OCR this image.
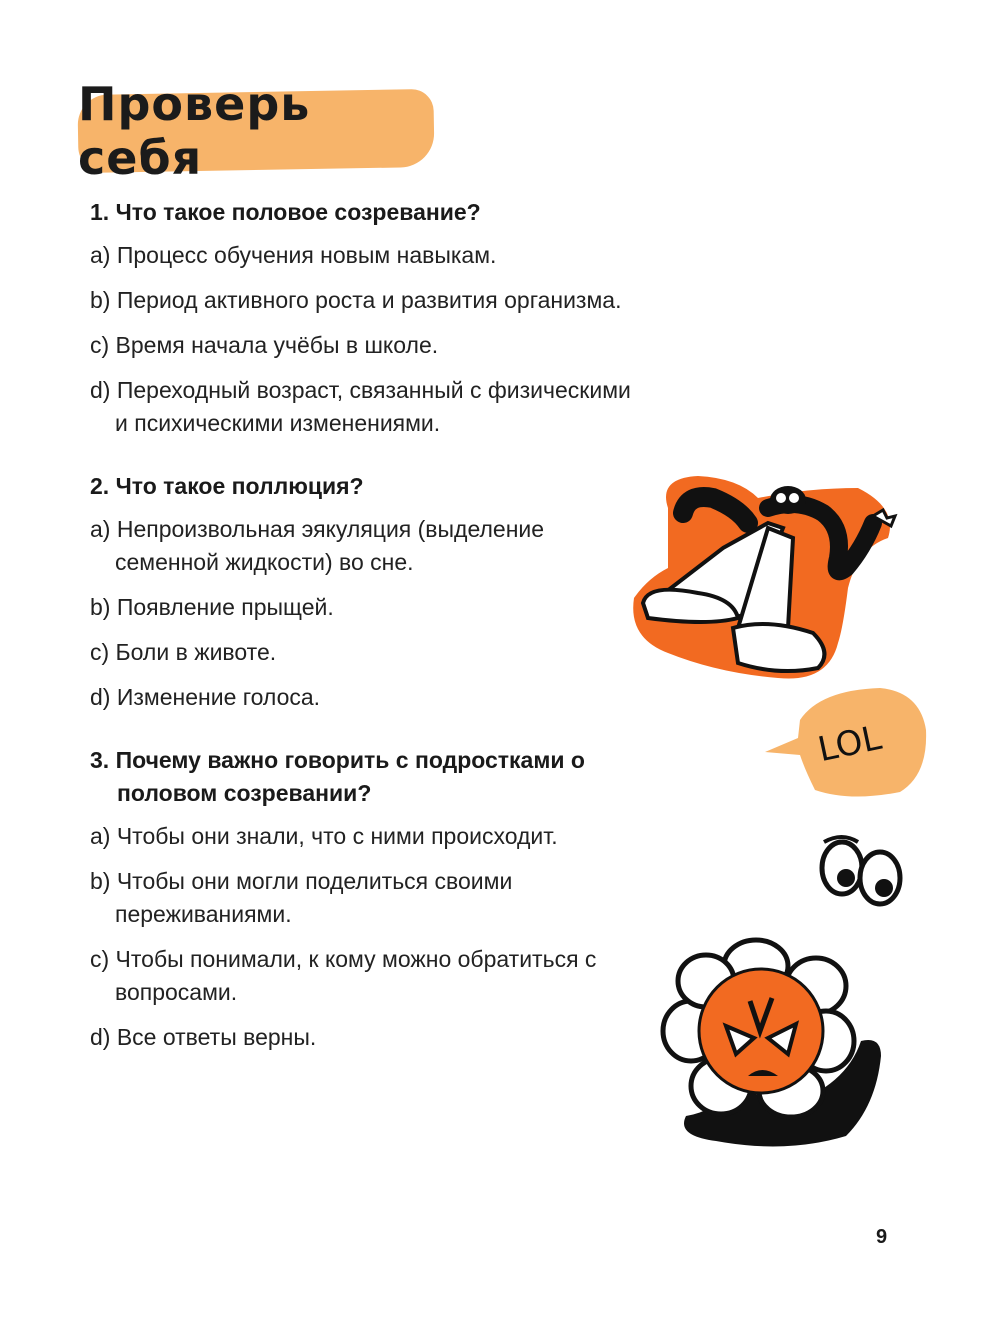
Проверь себя
1. Что такое половое созревание?
a) Процесс обучения новым навыкам.
b) Период активного роста и развития организма.
c) Время начала учёбы в школе.
d) Переходный возраст, связанный с физическими и психическими изменениями.
2. Что такое поллюция?
a) Непроизвольная эякуляция (выделение семенной жидкости) во сне.
b) Появление прыщей.
c) Боли в животе.
d) Изменение голоса.
3. Почему важно говорить с подростками о половом созревании?
a) Чтобы они знали, что с ними происходит.
b) Чтобы они могли поделиться своими переживаниями.
c) Чтобы понимали, к кому можно обратиться с вопросами.
d) Все ответы верны.
LOL
9
